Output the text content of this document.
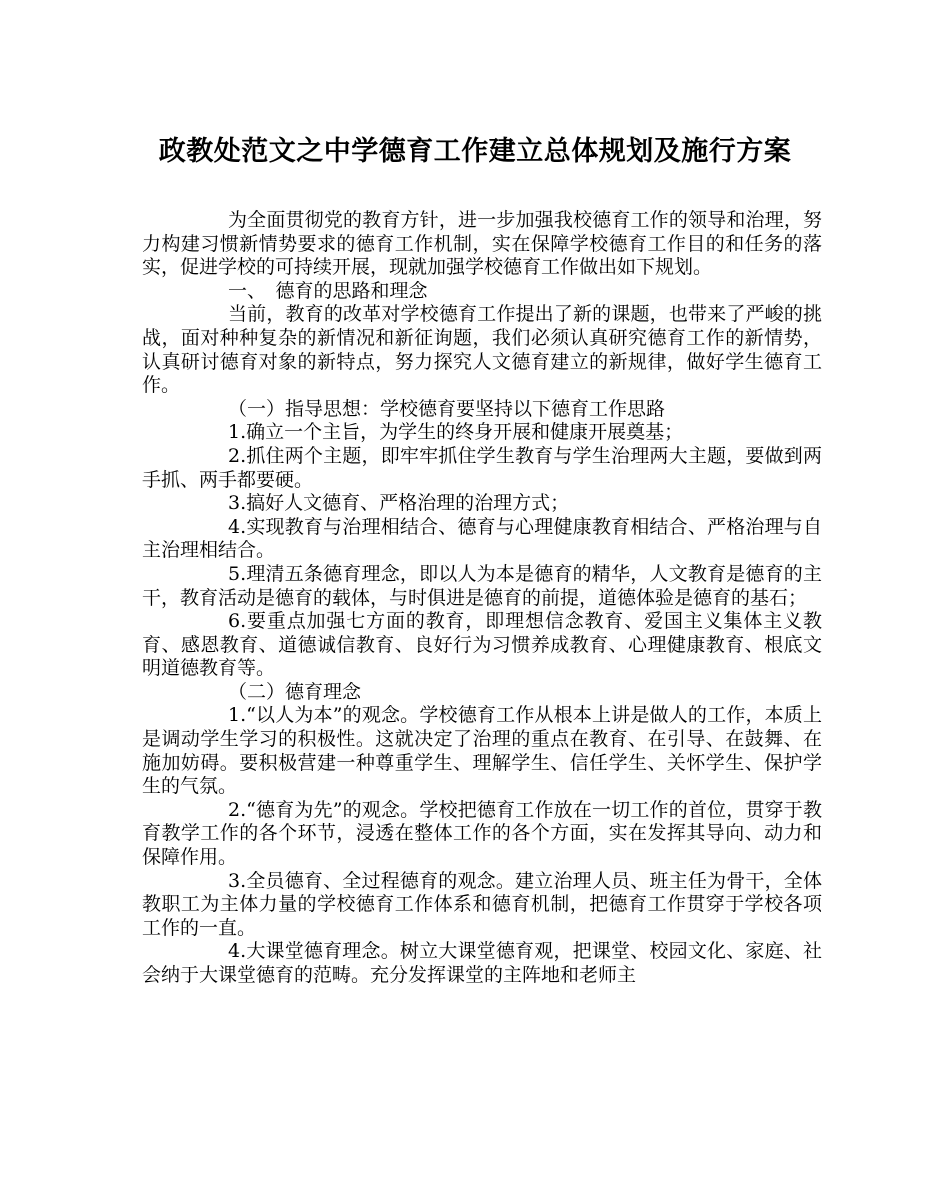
政教处范文之中学德育工作建立总体规划及施行方案

为全面贯彻党的教育方针，进一步加强我校德育工作的领导和治理，努力构建习惯新情势要求的德育工作机制，实在保障学校德育工作目的和任务的落实，促进学校的可持续开展，现就加强学校德育工作做出如下规划。

一、　德育的思路和理念

当前，教育的改革对学校德育工作提出了新的课题，也带来了严峻的挑战，面对种种复杂的新情况和新征询题，我们必须认真研究德育工作的新情势，认真研讨德育对象的新特点，努力探究人文德育建立的新规律，做好学生德育工作。

（一）指导思想：学校德育要坚持以下德育工作思路

1.确立一个主旨，为学生的终身开展和健康开展奠基；

2.抓住两个主题，即牢牢抓住学生教育与学生治理两大主题，要做到两手抓、两手都要硬。

3.搞好人文德育、严格治理的治理方式；

4.实现教育与治理相结合、德育与心理健康教育相结合、严格治理与自主治理相结合。

5.理清五条德育理念，即以人为本是德育的精华，人文教育是德育的主干，教育活动是德育的载体，与时俱进是德育的前提，道德体验是德育的基石；

6.要重点加强七方面的教育，即理想信念教育、爱国主义集体主义教育、感恩教育、道德诚信教育、良好行为习惯养成教育、心理健康教育、根底文明道德教育等。

（二）德育理念

1.“以人为本”的观念。学校德育工作从根本上讲是做人的工作，本质上是调动学生学习的积极性。这就决定了治理的重点在教育、在引导、在鼓舞、在施加妨碍。要积极营建一种尊重学生、理解学生、信任学生、关怀学生、保护学生的气氛。

2.“德育为先”的观念。学校把德育工作放在一切工作的首位，贯穿于教育教学工作的各个环节，浸透在整体工作的各个方面，实在发挥其导向、动力和保障作用。

3.全员德育、全过程德育的观念。建立治理人员、班主任为骨干，全体教职工为主体力量的学校德育工作体系和德育机制，把德育工作贯穿于学校各项工作的一直。

4.大课堂德育理念。树立大课堂德育观，把课堂、校园文化、家庭、社会纳于大课堂德育的范畴。充分发挥课堂的主阵地和老师主
